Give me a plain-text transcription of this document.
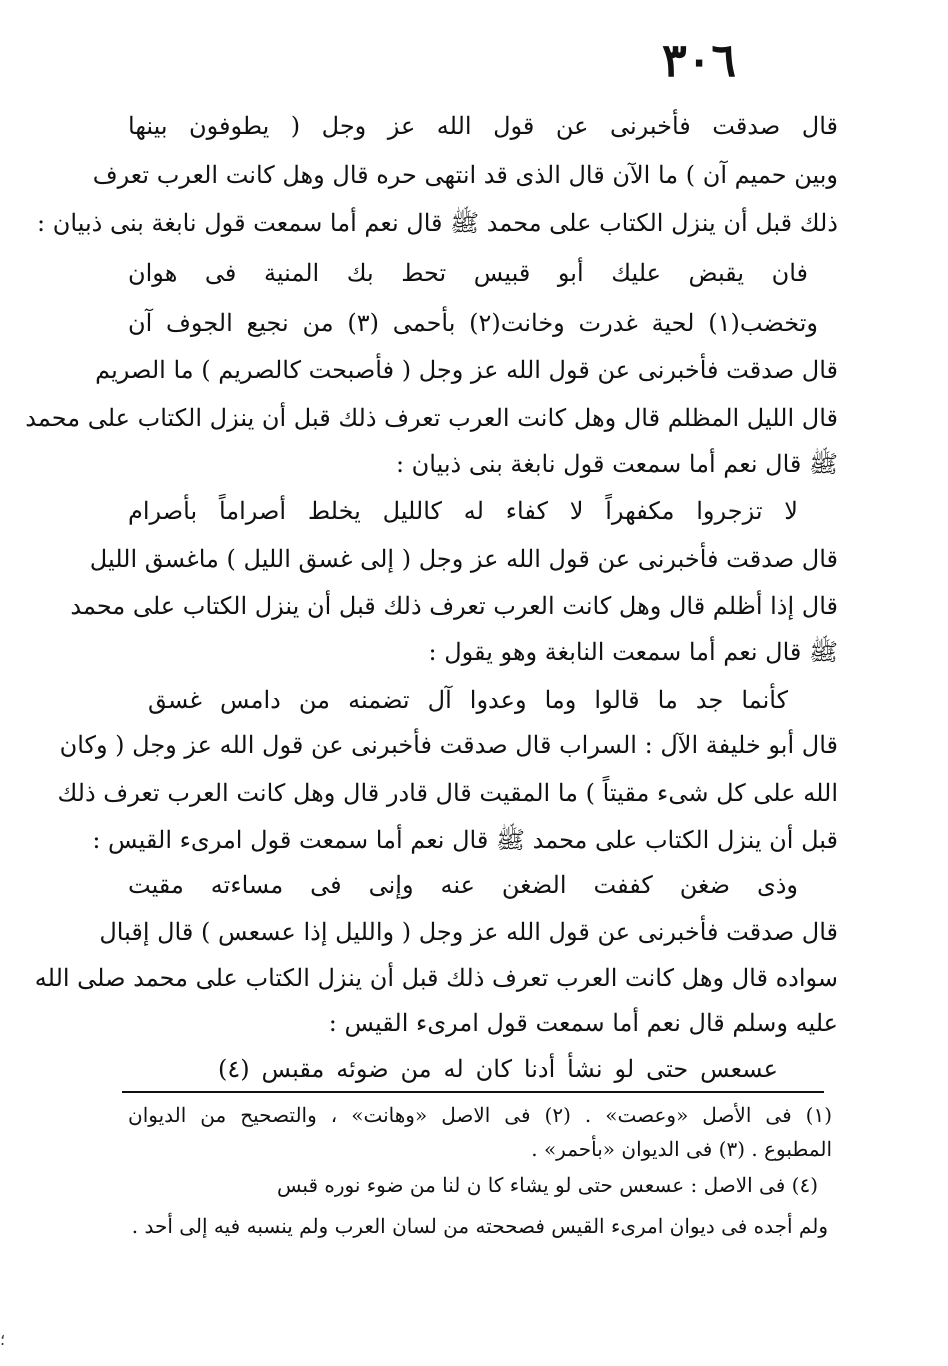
٣٠٦
قال صدقت فأخبرنى عن قول الله عز وجل ( يطوفون بينها
وبين حميم آن ) ما الآن قال الذى قد انتهى حره قال وهل كانت العرب تعرف
ذلك قبل أن ينزل الكتاب على محمد ﷺ قال نعم أما سمعت قول نابغة بنى ذبيان :
فان يقبض عليك أبو قبيس تحط بك المنية فى هوان
وتخضب(١) لحية غدرت وخانت(٢) بأحمى (٣) من نجيع الجوف آن
قال صدقت فأخبرنى عن قول الله عز وجل ( فأصبحت كالصريم ) ما الصريم
قال الليل المظلم قال وهل كانت العرب تعرف ذلك قبل أن ينزل الكتاب على محمد
ﷺ قال نعم أما سمعت قول نابغة بنى ذبيان :
لا تزجروا مكفهراً لا كفاء له كالليل يخلط أصراماً بأصرام
قال صدقت فأخبرنى عن قول الله عز وجل ( إلى غسق الليل ) ماغسق الليل
قال إذا أظلم قال وهل كانت العرب تعرف ذلك قبل أن ينزل الكتاب على محمد
ﷺ قال نعم أما سمعت النابغة وهو يقول :
كأنما جد ما قالوا وما وعدوا آل تضمنه من دامس غسق
قال أبو خليفة الآل : السراب قال صدقت فأخبرنى عن قول الله عز وجل ( وكان
الله على كل شىء مقيتاً ) ما المقيت قال قادر قال وهل كانت العرب تعرف ذلك
قبل أن ينزل الكتاب على محمد ﷺ قال نعم أما سمعت قول امرىء القيس :
وذى ضغن كففت الضغن عنه وإنى فى مساءته مقيت
قال صدقت فأخبرنى عن قول الله عز وجل ( والليل إذا عسعس ) قال إقبال
سواده قال وهل كانت العرب تعرف ذلك قبل أن ينزل الكتاب على محمد صلى الله
عليه وسلم قال نعم أما سمعت قول امرىء القيس :
عسعس حتى لو نشأ أدنا كان له من ضوئه مقبس (٤)
(١) فى الأصل «وعصت» . (٢) فى الاصل «وهانت» ، والتصحيح من الديوان
المطبوع . (٣) فى الديوان «بأحمر» .
(٤) فى الاصل : عسعس حتى لو يشاء كا ن لنا من ضوء نوره قبس
ولم أجده فى ديوان امرىء القيس فصححته من لسان العرب ولم ينسبه فيه إلى أحد .
؛
